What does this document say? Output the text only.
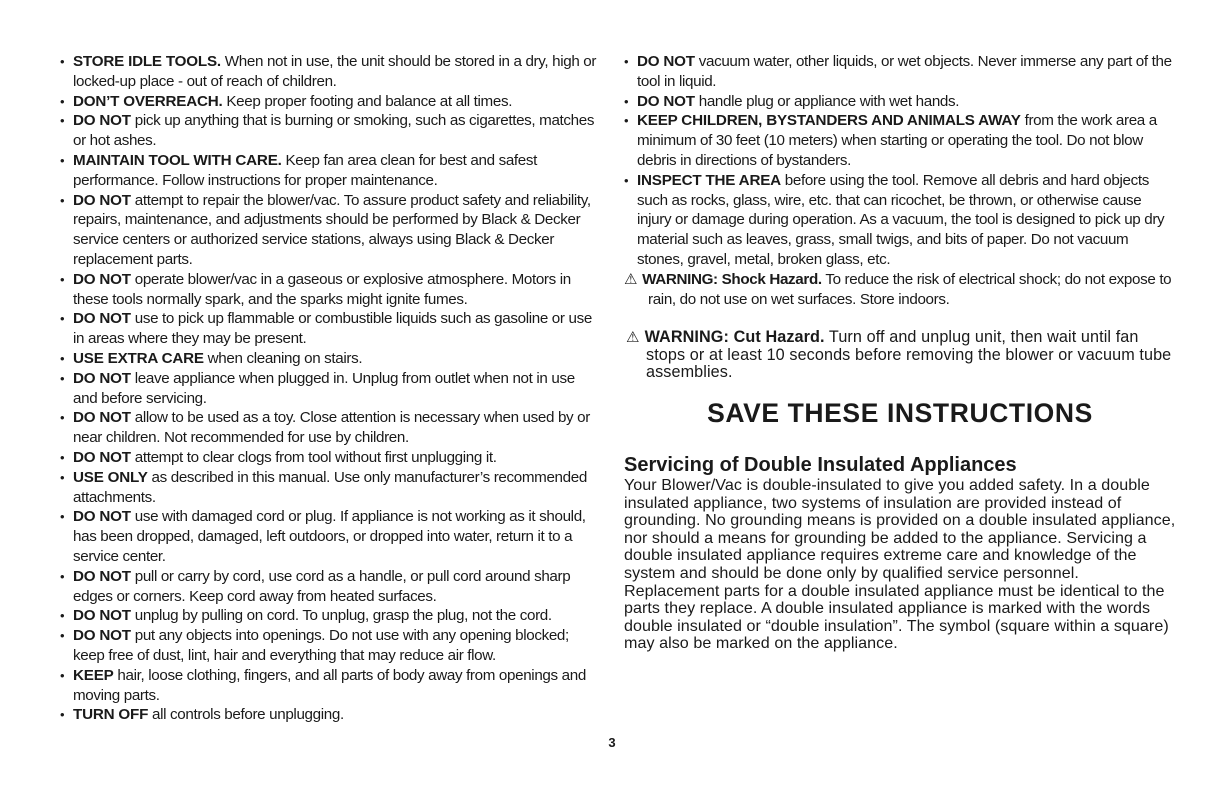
• STORE IDLE TOOLS. When not in use, the unit should be stored in a dry, high or locked-up place - out of reach of children.
• DON’T OVERREACH. Keep proper footing and balance at all times.
• DO NOT pick up anything that is burning or smoking, such as cigarettes, matches or hot ashes.
• MAINTAIN TOOL WITH CARE. Keep fan area clean for best and safest performance. Follow instructions for proper maintenance.
• DO NOT attempt to repair the blower/vac. To assure product safety and reliability, repairs, maintenance, and adjustments should be performed by Black & Decker service centers or authorized service stations, always using Black & Decker replacement parts.
• DO NOT operate blower/vac in a gaseous or explosive atmosphere. Motors in these tools normally spark, and the sparks might ignite fumes.
• DO NOT use to pick up flammable or combustible liquids such as gasoline or use in areas where they may be present.
• USE EXTRA CARE when cleaning on stairs.
• DO NOT leave appliance when plugged in. Unplug from outlet when not in use and before servicing.
• DO NOT allow to be used as a toy. Close attention is necessary when used by or near children. Not recommended for use by children.
• DO NOT attempt to clear clogs from tool without first unplugging it.
• USE ONLY as described in this manual. Use only manufacturer’s recommended attachments.
• DO NOT use with damaged cord or plug. If appliance is not working as it should, has been dropped, damaged, left outdoors, or dropped into water, return it to a service center.
• DO NOT pull or carry by cord, use cord as a handle, or pull cord around sharp edges or corners. Keep cord away from heated surfaces.
• DO NOT unplug by pulling on cord. To unplug, grasp the plug, not the cord.
• DO NOT put any objects into openings. Do not use with any opening blocked; keep free of dust, lint, hair and everything that may reduce air flow.
• KEEP hair, loose clothing, fingers, and all parts of body away from openings and moving parts.
• TURN OFF all controls before unplugging.
• DO NOT vacuum water, other liquids, or wet objects. Never immerse any part of the tool in liquid.
• DO NOT handle plug or appliance with wet hands.
• KEEP CHILDREN, BYSTANDERS AND ANIMALS AWAY from the work area a minimum of 30 feet (10 meters) when starting or operating the tool. Do not blow debris in directions of bystanders.
• INSPECT THE AREA before using the tool. Remove all debris and hard objects such as rocks, glass, wire, etc. that can ricochet, be thrown, or otherwise cause injury or damage during operation. As a vacuum, the tool is designed to pick up dry material such as leaves, grass, small twigs, and bits of paper. Do not vacuum stones, gravel, metal, broken glass, etc.

⚠ WARNING: Shock Hazard. To reduce the risk of electrical shock; do not expose to rain, do not use on wet surfaces. Store indoors.

⚠ WARNING: Cut Hazard. Turn off and unplug unit, then wait until fan stops or at least 10 seconds before removing the blower or vacuum tube assemblies.

SAVE THESE INSTRUCTIONS
Servicing of Double Insulated Appliances

Your Blower/Vac is double-insulated to give you added safety. In a double insulated appliance, two systems of insulation are provided instead of grounding. No grounding means is provided on a double insulated appliance, nor should a means for grounding be added to the appliance. Servicing a double insulated appliance requires extreme care and knowledge of the system and should be done only by qualified service personnel. Replacement parts for a double insulated appliance must be identical to the parts they replace. A double insulated appliance is marked with the words double insulated or “double insulation”. The symbol (square within a square) may also be marked on the appliance.

3
